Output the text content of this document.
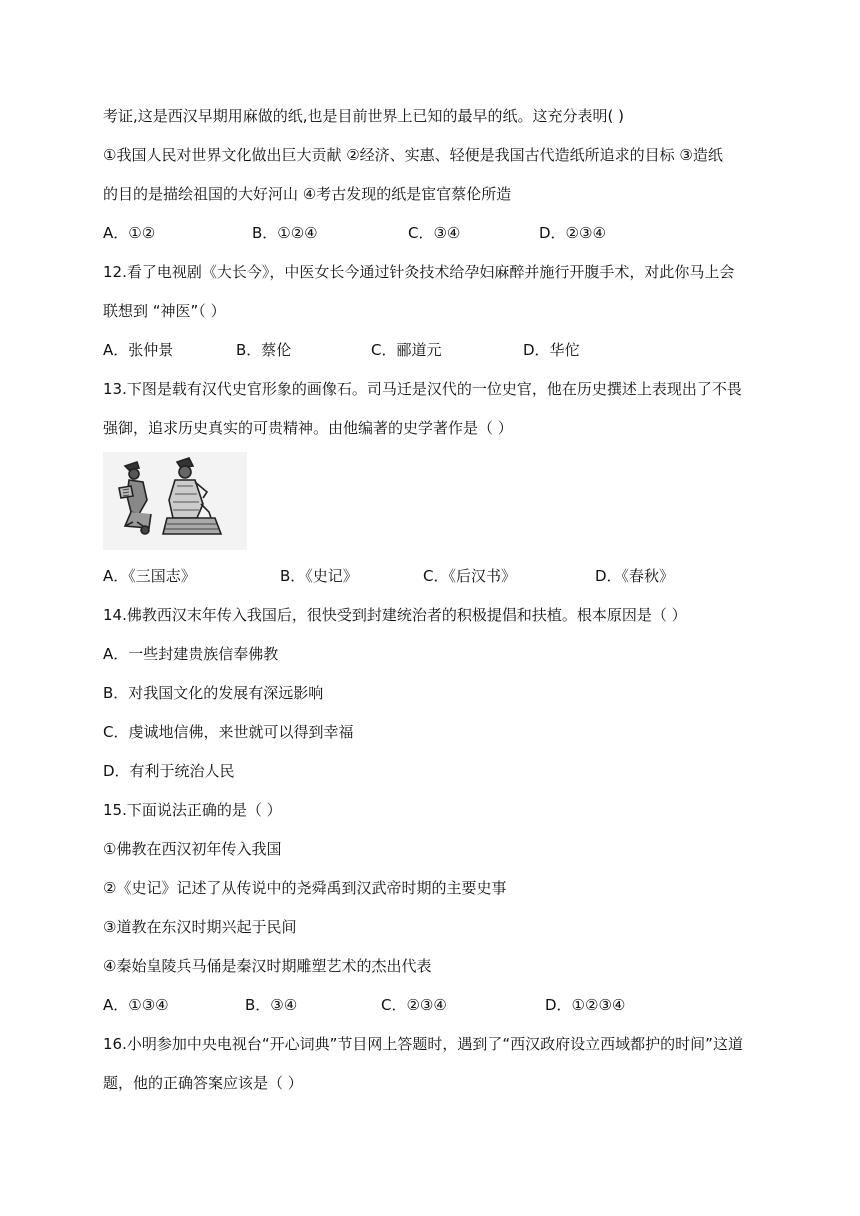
考证,这是西汉早期用麻做的纸,也是目前世界上已知的最早的纸。这充分表明( )
①我国人民对世界文化做出巨大贡献 ②经济、实惠、轻便是我国古代造纸所追求的目标 ③造纸
的目的是描绘祖国的大好河山 ④考古发现的纸是宦官蔡伦所造
A．①②	B．①②④	C．③④	D．②③④
12.看了电视剧《大长今》，中医女长今通过针灸技术给孕妇麻醉并施行开腹手术，对此你马上会
联想到 “神医”（ ）
A．张仲景	B．蔡伦	C．郦道元	D．华佗
13.下图是载有汉代史官形象的画像石。司马迁是汉代的一位史官，他在历史撰述上表现出了不畏
强御，追求历史真实的可贵精神。由他编著的史学著作是（ ）
A．《三国志》	B．《史记》	C．《后汉书》	D．《春秋》
14.佛教西汉末年传入我国后，很快受到封建统治者的积极提倡和扶植。根本原因是（ ）
A．一些封建贵族信奉佛教
B．对我国文化的发展有深远影响
C．虔诚地信佛，来世就可以得到幸福
D．有利于统治人民
15.下面说法正确的是（ ）
①佛教在西汉初年传入我国
②《史记》记述了从传说中的尧舜禹到汉武帝时期的主要史事
③道教在东汉时期兴起于民间
④秦始皇陵兵马俑是秦汉时期雕塑艺术的杰出代表
A．①③④	B．③④	C．②③④	D．①②③④
16.小明参加中央电视台“开心词典”节目网上答题时，遇到了“西汉政府设立西域都护的时间”这道
题，他的正确答案应该是（ ）
